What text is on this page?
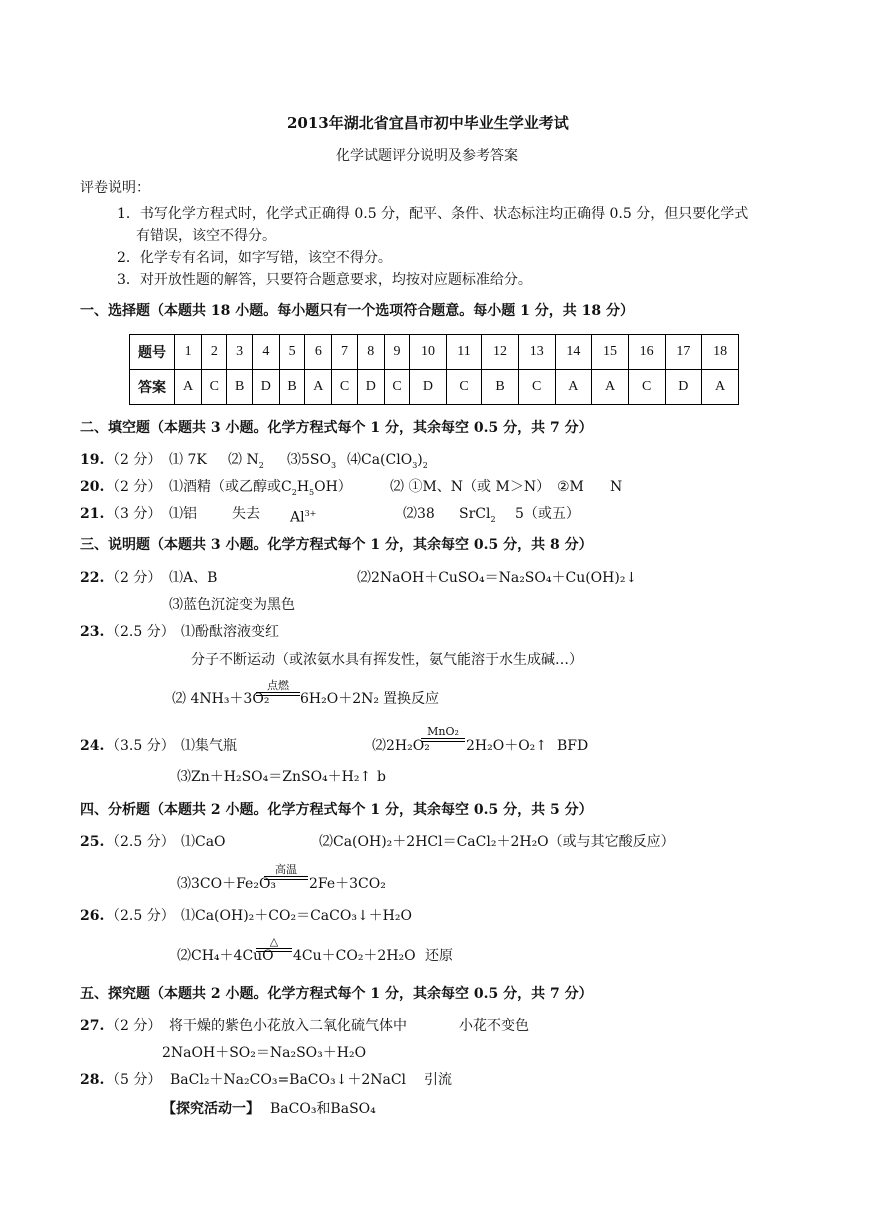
2013年湖北省宜昌市初中毕业生学业考试
化学试题评分说明及参考答案
评卷说明：
1．书写化学方程式时，化学式正确得 0.5 分，配平、条件、状态标注均正确得 0.5 分，但只要化学式
有错误，该空不得分。
2．化学专有名词，如字写错，该空不得分。
3．对开放性题的解答，只要符合题意要求，均按对应题标准给分。
一、选择题（本题共 18 小题。每小题只有一个选项符合题意。每小题 1 分，共 18 分）
题号	1	2	3	4	5	6	7	8	9	10	11	12	13	14	15	16	17	18
答案	A	C	B	D	B	A	C	D	C	D	C	B	C	A	A	C	D	A
二、填空题（本题共 3 小题。化学方程式每个 1 分，其余每空 0.5 分，共 7 分）
19. （2 分） ⑴ 7K ⑵ $N_2$ $⑶5SO_3$ $⑷Ca(ClO_3)_2$
20. （2 分） ⑴酒精（或乙醇或$C_2H_5OH$）	⑵ ①M、N（或 M＞N） ②M N
21. （3 分） ⑴铝	失去 $Al^{3+}$	⑵38 SrCl$_2$ 5（或五）
三、说明题（本题共 3 小题。化学方程式每个 1 分，其余每空 0.5 分，共 8 分）
22. （2 分） ⑴A、B	⑵2NaOH＋CuSO₄＝Na₂SO₄＋Cu(OH)₂↓
⑶蓝色沉淀变为黑色
23. （2.5 分） ⑴酚酞溶液变红
分子不断运动（或浓氨水具有挥发性，氨气能溶于水生成碱…）
⑵ 4NH₃＋3O₂
点燃
6H₂O＋2N₂ 置换反应
24. （3.5 分） ⑴集气瓶	⑵2H₂O₂
MnO₂
2H₂O＋O₂↑ BFD
⑶Zn＋H₂SO₄＝ZnSO₄＋H₂↑ b
四、分析题（本题共 2 小题。化学方程式每个 1 分，其余每空 0.5 分，共 5 分）
25. （2.5 分） ⑴CaO	⑵Ca(OH)₂＋2HCl＝CaCl₂＋2H₂O（或与其它酸反应）
⑶3CO＋Fe₂O₃
高温
2Fe＋3CO₂
26. （2.5 分） ⑴Ca(OH)₂＋CO₂＝CaCO₃↓＋H₂O
⑵CH₄＋4CuO
△
4Cu＋CO₂＋2H₂O 还原
五、探究题（本题共 2 小题。化学方程式每个 1 分，其余每空 0.5 分，共 7 分）
27. （2 分） 将干燥的紫色小花放入二氧化硫气体中	小花不变色
2NaOH＋SO₂＝Na₂SO₃＋H₂O
28. （5 分） BaCl₂＋Na₂CO₃=BaCO₃↓＋2NaCl 引流
【探究活动一】 BaCO₃和BaSO₄
